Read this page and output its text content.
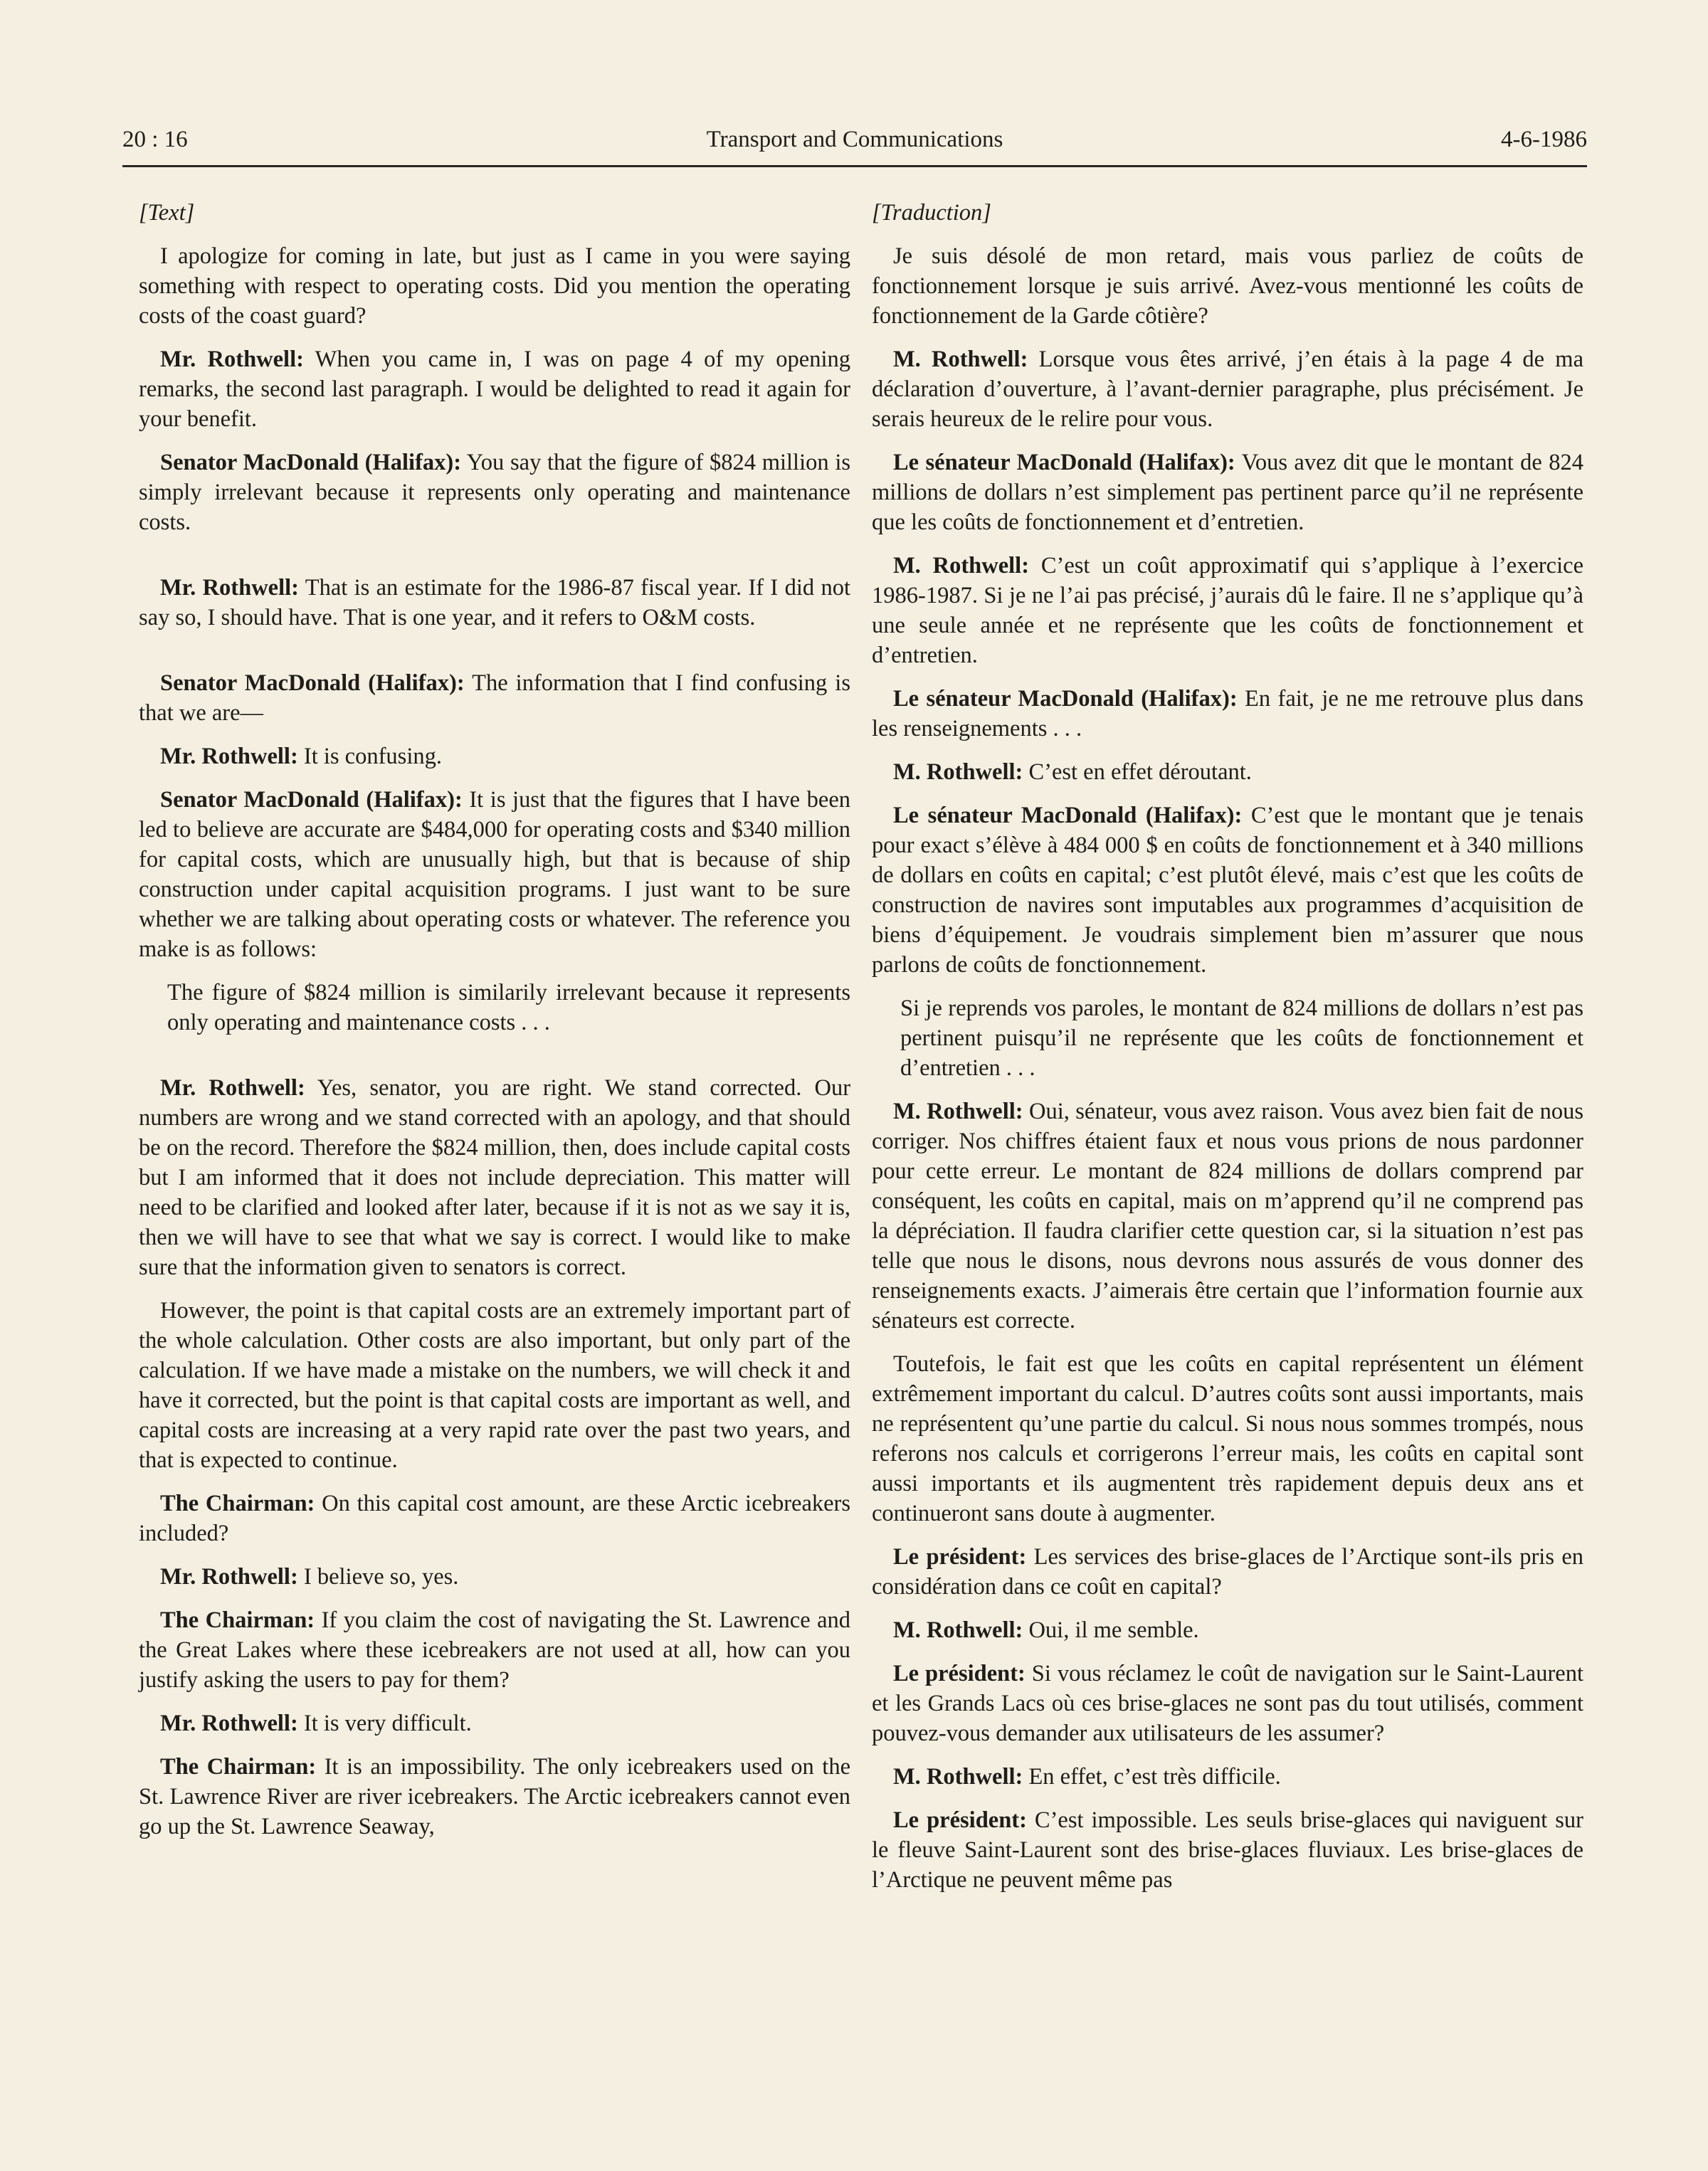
20 : 16	Transport and Communications	4-6-1986

[Text]

I apologize for coming in late, but just as I came in you were saying something with respect to operating costs. Did you mention the operating costs of the coast guard?

Mr. Rothwell: When you came in, I was on page 4 of my opening remarks, the second last paragraph. I would be delighted to read it again for your benefit.

Senator MacDonald (Halifax): You say that the figure of $824 million is simply irrelevant because it represents only operating and maintenance costs.

Mr. Rothwell: That is an estimate for the 1986-87 fiscal year. If I did not say so, I should have. That is one year, and it refers to O&M costs.

Senator MacDonald (Halifax): The information that I find confusing is that we are—

Mr. Rothwell: It is confusing.

Senator MacDonald (Halifax): It is just that the figures that I have been led to believe are accurate are $484,000 for operating costs and $340 million for capital costs, which are unusually high, but that is because of ship construction under capital acquisition programs. I just want to be sure whether we are talking about operating costs or whatever. The reference you make is as follows:

The figure of $824 million is similarily irrelevant because it represents only operating and maintenance costs . . .

Mr. Rothwell: Yes, senator, you are right. We stand corrected. Our numbers are wrong and we stand corrected with an apology, and that should be on the record. Therefore the $824 million, then, does include capital costs but I am informed that it does not include depreciation. This matter will need to be clarified and looked after later, because if it is not as we say it is, then we will have to see that what we say is correct. I would like to make sure that the information given to senators is correct.

However, the point is that capital costs are an extremely important part of the whole calculation. Other costs are also important, but only part of the calculation. If we have made a mistake on the numbers, we will check it and have it corrected, but the point is that capital costs are important as well, and capital costs are increasing at a very rapid rate over the past two years, and that is expected to continue.

The Chairman: On this capital cost amount, are these Arctic icebreakers included?

Mr. Rothwell: I believe so, yes.

The Chairman: If you claim the cost of navigating the St. Lawrence and the Great Lakes where these icebreakers are not used at all, how can you justify asking the users to pay for them?

Mr. Rothwell: It is very difficult.

The Chairman: It is an impossibility. The only icebreakers used on the St. Lawrence River are river icebreakers. The Arctic icebreakers cannot even go up the St. Lawrence Seaway,

[Traduction]

Je suis désolé de mon retard, mais vous parliez de coûts de fonctionnement lorsque je suis arrivé. Avez-vous mentionné les coûts de fonctionnement de la Garde côtière?

M. Rothwell: Lorsque vous êtes arrivé, j’en étais à la page 4 de ma déclaration d’ouverture, à l’avant-dernier paragraphe, plus précisément. Je serais heureux de le relire pour vous.

Le sénateur MacDonald (Halifax): Vous avez dit que le montant de 824 millions de dollars n’est simplement pas pertinent parce qu’il ne représente que les coûts de fonctionnement et d’entretien.

M. Rothwell: C’est un coût approximatif qui s’applique à l’exercice 1986-1987. Si je ne l’ai pas précisé, j’aurais dû le faire. Il ne s’applique qu’à une seule année et ne représente que les coûts de fonctionnement et d’entretien.

Le sénateur MacDonald (Halifax): En fait, je ne me retrouve plus dans les renseignements . . .

M. Rothwell: C’est en effet déroutant.

Le sénateur MacDonald (Halifax): C’est que le montant que je tenais pour exact s’élève à 484 000 $ en coûts de fonctionnement et à 340 millions de dollars en coûts en capital; c’est plutôt élevé, mais c’est que les coûts de construction de navires sont imputables aux programmes d’acquisition de biens d’équipement. Je voudrais simplement bien m’assurer que nous parlons de coûts de fonctionnement.

Si je reprends vos paroles, le montant de 824 millions de dollars n’est pas pertinent puisqu’il ne représente que les coûts de fonctionnement et d’entretien . . .

M. Rothwell: Oui, sénateur, vous avez raison. Vous avez bien fait de nous corriger. Nos chiffres étaient faux et nous vous prions de nous pardonner pour cette erreur. Le montant de 824 millions de dollars comprend par conséquent, les coûts en capital, mais on m’apprend qu’il ne comprend pas la dépréciation. Il faudra clarifier cette question car, si la situation n’est pas telle que nous le disons, nous devrons nous assurés de vous donner des renseignements exacts. J’aimerais être certain que l’information fournie aux sénateurs est correcte.

Toutefois, le fait est que les coûts en capital représentent un élément extrêmement important du calcul. D’autres coûts sont aussi importants, mais ne représentent qu’une partie du calcul. Si nous nous sommes trompés, nous referons nos calculs et corrigerons l’erreur mais, les coûts en capital sont aussi importants et ils augmentent très rapidement depuis deux ans et continueront sans doute à augmenter.

Le président: Les services des brise-glaces de l’Arctique sont-ils pris en considération dans ce coût en capital?

M. Rothwell: Oui, il me semble.

Le président: Si vous réclamez le coût de navigation sur le Saint-Laurent et les Grands Lacs où ces brise-glaces ne sont pas du tout utilisés, comment pouvez-vous demander aux utilisateurs de les assumer?

M. Rothwell: En effet, c’est très difficile.

Le président: C’est impossible. Les seuls brise-glaces qui naviguent sur le fleuve Saint-Laurent sont des brise-glaces fluviaux. Les brise-glaces de l’Arctique ne peuvent même pas
